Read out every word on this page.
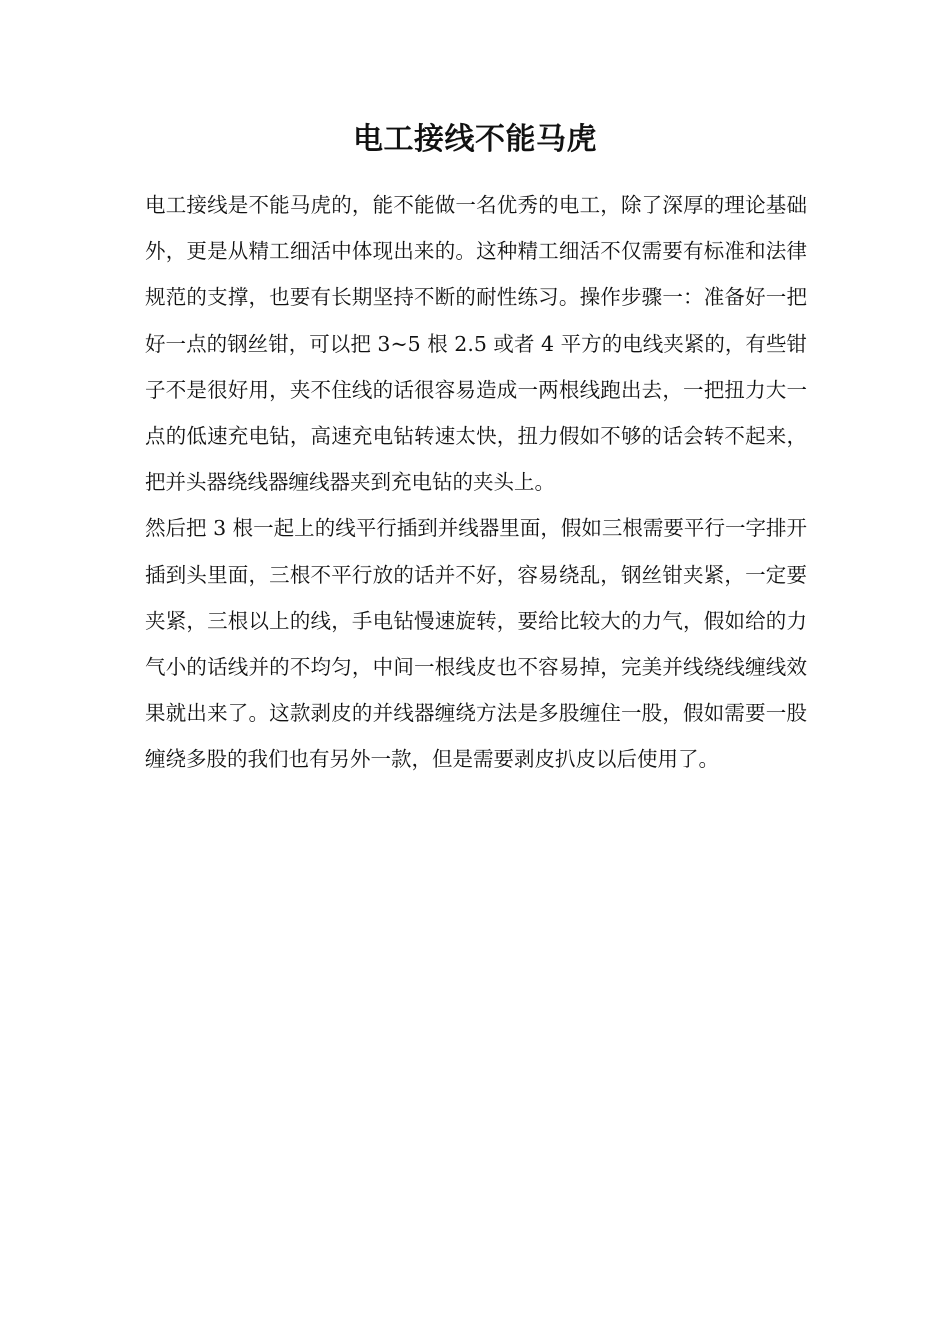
电工接线不能马虎

电工接线是不能马虎的，能不能做一名优秀的电工，除了深厚的理论基础外，更是从精工细活中体现出来的。这种精工细活不仅需要有标准和法律规范的支撑，也要有长期坚持不断的耐性练习。操作步骤一：准备好一把好一点的钢丝钳，可以把 3~5 根 2.5 或者 4 平方的电线夹紧的，有些钳子不是很好用，夹不住线的话很容易造成一两根线跑出去，一把扭力大一点的低速充电钻，高速充电钻转速太快，扭力假如不够的话会转不起来，把并头器绕线器缠线器夹到充电钻的夹头上。

然后把 3 根一起上的线平行插到并线器里面，假如三根需要平行一字排开插到头里面，三根不平行放的话并不好，容易绕乱，钢丝钳夹紧，一定要夹紧，三根以上的线，手电钻慢速旋转，要给比较大的力气，假如给的力气小的话线并的不均匀，中间一根线皮也不容易掉，完美并线绕线缠线效果就出来了。这款剥皮的并线器缠绕方法是多股缠住一股，假如需要一股缠绕多股的我们也有另外一款，但是需要剥皮扒皮以后使用了。
